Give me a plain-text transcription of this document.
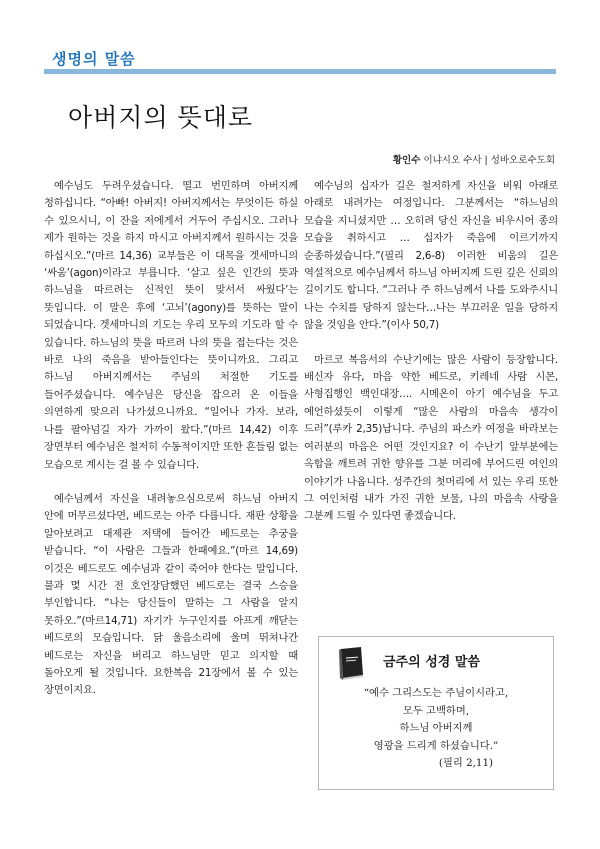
생명의 말씀
아버지의 뜻대로
황인수 이냐시오 수사 | 성바오로수도회

예수님도 두려우셨습니다. 떨고 번민하며 아버지께 청하십니다. “아빠! 아버지! 아버지께서는 무엇이든 하실 수 있으시니, 이 잔을 저에게서 거두어 주십시오. 그러나 제가 원하는 것을 하지 마시고 아버지께서 원하시는 것을 하십시오.”(마르 14,36) 교부들은 이 대목을 겟세마니의 ‘싸움’(agon)이라고 부릅니다. ‘살고 싶은 인간의 뜻과 하느님을 따르려는 신적인 뜻이 맞서서 싸웠다’는 뜻입니다. 이 말은 후에 ‘고뇌’(agony)를 뜻하는 말이 되었습니다. 겟세마니의 기도는 우리 모두의 기도라 할 수 있습니다. 하느님의 뜻을 따르려 나의 뜻을 접는다는 것은 바로 나의 죽음을 받아들인다는 뜻이니까요. 그리고 하느님 아버지께서는 주님의 처절한 기도를 들어주셨습니다. 예수님은 당신을 잡으러 온 이들을 의연하게 맞으러 나가셨으니까요. “일어나 가자. 보라, 나를 팔아넘길 자가 가까이 왔다.”(마르 14,42) 이후 장면부터 예수님은 철저히 수동적이지만 또한 흔들림 없는 모습으로 계시는 걸 볼 수 있습니다.

예수님께서 자신을 내려놓으심으로써 하느님 아버지 안에 머무르셨다면, 베드로는 아주 다릅니다. 재판 상황을 알아보려고 대제관 저택에 들어간 베드로는 추궁을 받습니다. “이 사람은 그들과 한패예요.”(마르 14,69) 이것은 베드로도 예수님과 같이 죽어야 한다는 말입니다. 불과 몇 시간 전 호언장담했던 베드로는 결국 스승을 부인합니다. “나는 당신들이 말하는 그 사람을 알지 못하오.”(마르14,71) 자기가 누구인지를 아프게 깨닫는 베드로의 모습입니다. 닭 울음소리에 울며 뛰쳐나간 베드로는 자신을 버리고 하느님만 믿고 의지할 때 돌아오게 될 것입니다. 요한복음 21장에서 볼 수 있는 장면이지요.

예수님의 십자가 길은 철저하게 자신을 비워 아래로 아래로 내려가는 여정입니다. 그분께서는 “하느님의 모습을 지니셨지만 … 오히려 당신 자신을 비우시어 종의 모습을 취하시고 … 십자가 죽음에 이르기까지 순종하셨습니다.”(필리 2,6-8) 이러한 비움의 길은 역설적으로 예수님께서 하느님 아버지께 드린 깊은 신뢰의 길이기도 합니다. “그러나 주 하느님께서 나를 도와주시니 나는 수치를 당하지 않는다…나는 부끄러운 일을 당하지 않을 것임을 안다.”(이사 50,7)

마르코 복음서의 수난기에는 많은 사람이 등장합니다. 배신자 유다, 마음 약한 베드로, 키레네 사람 시몬, 사형집행인 백인대장…. 시메온이 아기 예수님을 두고 예언하셨듯이 이렇게 “많은 사람의 마음속 생각이 드러”(루카 2,35)납니다. 주님의 파스카 여정을 바라보는 여러분의 마음은 어떤 것인지요? 이 수난기 앞부분에는 옥합을 깨트려 귀한 향유를 그분 머리에 부어드린 여인의 이야기가 나옵니다. 성주간의 첫머리에 서 있는 우리 또한 그 여인처럼 내가 가진 귀한 보물, 나의 마음속 사랑을 그분께 드릴 수 있다면 좋겠습니다.

금주의 성경 말씀
“예수 그리스도는 주님이시라고,
모두 고백하며,
하느님 아버지께
영광을 드리게 하셨습니다.”
(필리 2,11)
